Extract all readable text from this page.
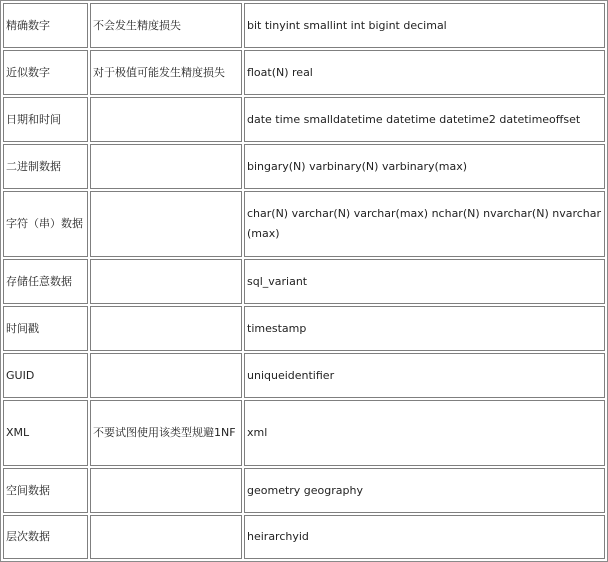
精确数字	不会发生精度损失	bit tinyint smallint int bigint decimal
近似数字	对于极值可能发生精度损失	float(N) real
日期和时间		date time smalldatetime datetime datetime2 datetimeoffset
二进制数据		bingary(N) varbinary(N) varbinary(max)
字符（串）数据		char(N) varchar(N) varchar(max) nchar(N) nvarchar(N) nvarchar(max)
存储任意数据		sql_variant
时间戳		timestamp
GUID		uniqueidentifier
XML	不要试图使用该类型规避1NF	xml
空间数据		geometry geography
层次数据		heirarchyid
